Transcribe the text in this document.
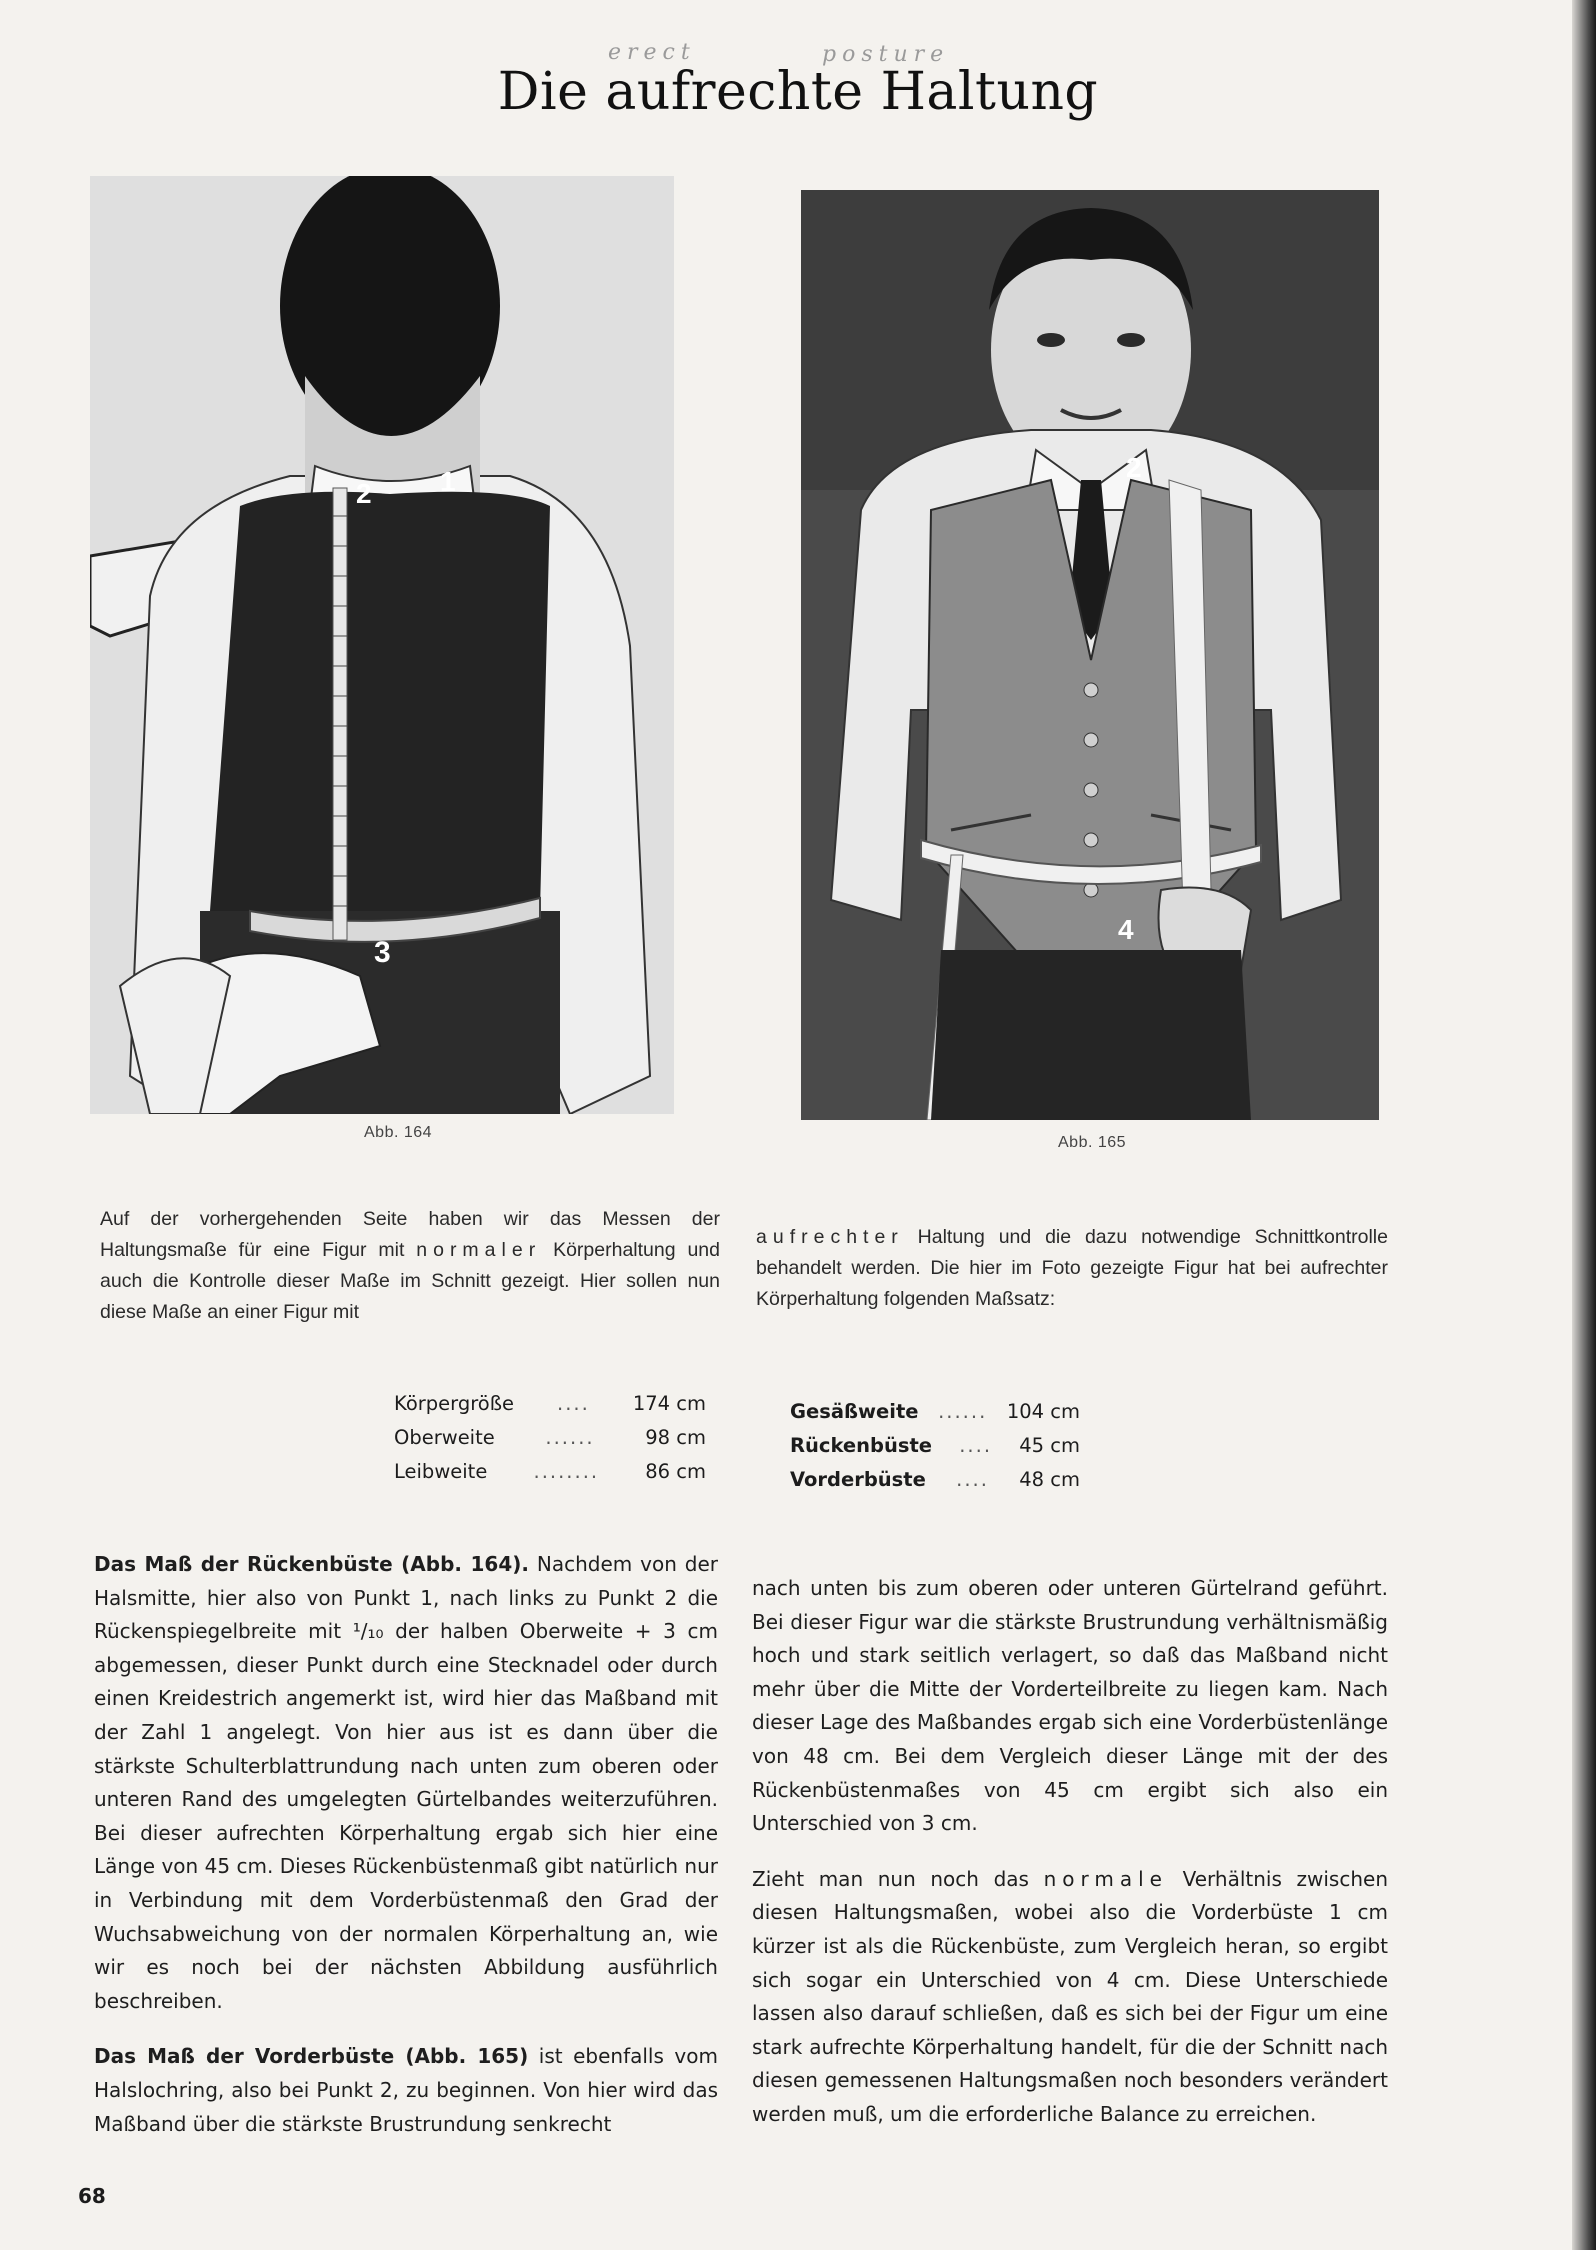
erect	posture
Die aufrechte Haltung
1
2
3
2
4
Abb. 164
Abb. 165

Auf der vorhergehenden Seite haben wir das Messen der Haltungsmaße für eine Figur mit normaler Körperhaltung und auch die Kontrolle dieser Maße im Schnitt gezeigt. Hier sollen nun diese Maße an einer Figur mit

aufrechter Haltung und die dazu notwendige Schnittkontrolle behandelt werden. Die hier im Foto gezeigte Figur hat bei aufrechter Körperhaltung folgenden Maßsatz:

Körpergröße .... 174 cm
Oberweite	......	98 cm
Leibweite ........ 86 cm
Gesäßweite ...... 104 cm
Rückenbüste .... 45 cm
Vorderbüste .... 48 cm

Das Maß der Rückenbüste (Abb. 164). Nachdem von der Halsmitte, hier also von Punkt 1, nach links zu Punkt 2 die Rückenspiegelbreite mit ¹/₁₀ der halben Oberweite + 3 cm abgemessen, dieser Punkt durch eine Stecknadel oder durch einen Kreidestrich angemerkt ist, wird hier das Maßband mit der Zahl 1 angelegt. Von hier aus ist es dann über die stärkste Schulterblattrundung nach unten zum oberen oder unteren Rand des umgelegten Gürtelbandes weiterzuführen. Bei dieser aufrechten Körperhaltung ergab sich hier eine Länge von 45 cm. Dieses Rückenbüstenmaß gibt natürlich nur in Verbindung mit dem Vorderbüstenmaß den Grad der Wuchsabweichung von der normalen Körperhaltung an, wie wir es noch bei der nächsten Abbildung ausführlich beschreiben.

Das Maß der Vorderbüste (Abb. 165) ist ebenfalls vom Halslochring, also bei Punkt 2, zu beginnen. Von hier wird das Maßband über die stärkste Brustrundung senkrecht

nach unten bis zum oberen oder unteren Gürtelrand geführt. Bei dieser Figur war die stärkste Brustrundung verhältnismäßig hoch und stark seitlich verlagert, so daß das Maßband nicht mehr über die Mitte der Vorderteilbreite zu liegen kam. Nach dieser Lage des Maßbandes ergab sich eine Vorderbüstenlänge von 48 cm. Bei dem Vergleich dieser Länge mit der des Rückenbüstenmaßes von 45 cm ergibt sich also ein Unterschied von 3 cm.

Zieht man nun noch das normale Verhältnis zwischen diesen Haltungsmaßen, wobei also die Vorderbüste 1 cm kürzer ist als die Rückenbüste, zum Vergleich heran, so ergibt sich sogar ein Unterschied von 4 cm. Diese Unterschiede lassen also darauf schließen, daß es sich bei der Figur um eine stark aufrechte Körperhaltung handelt, für die der Schnitt nach diesen gemessenen Haltungsmaßen noch besonders verändert werden muß, um die erforderliche Balance zu erreichen.

68
